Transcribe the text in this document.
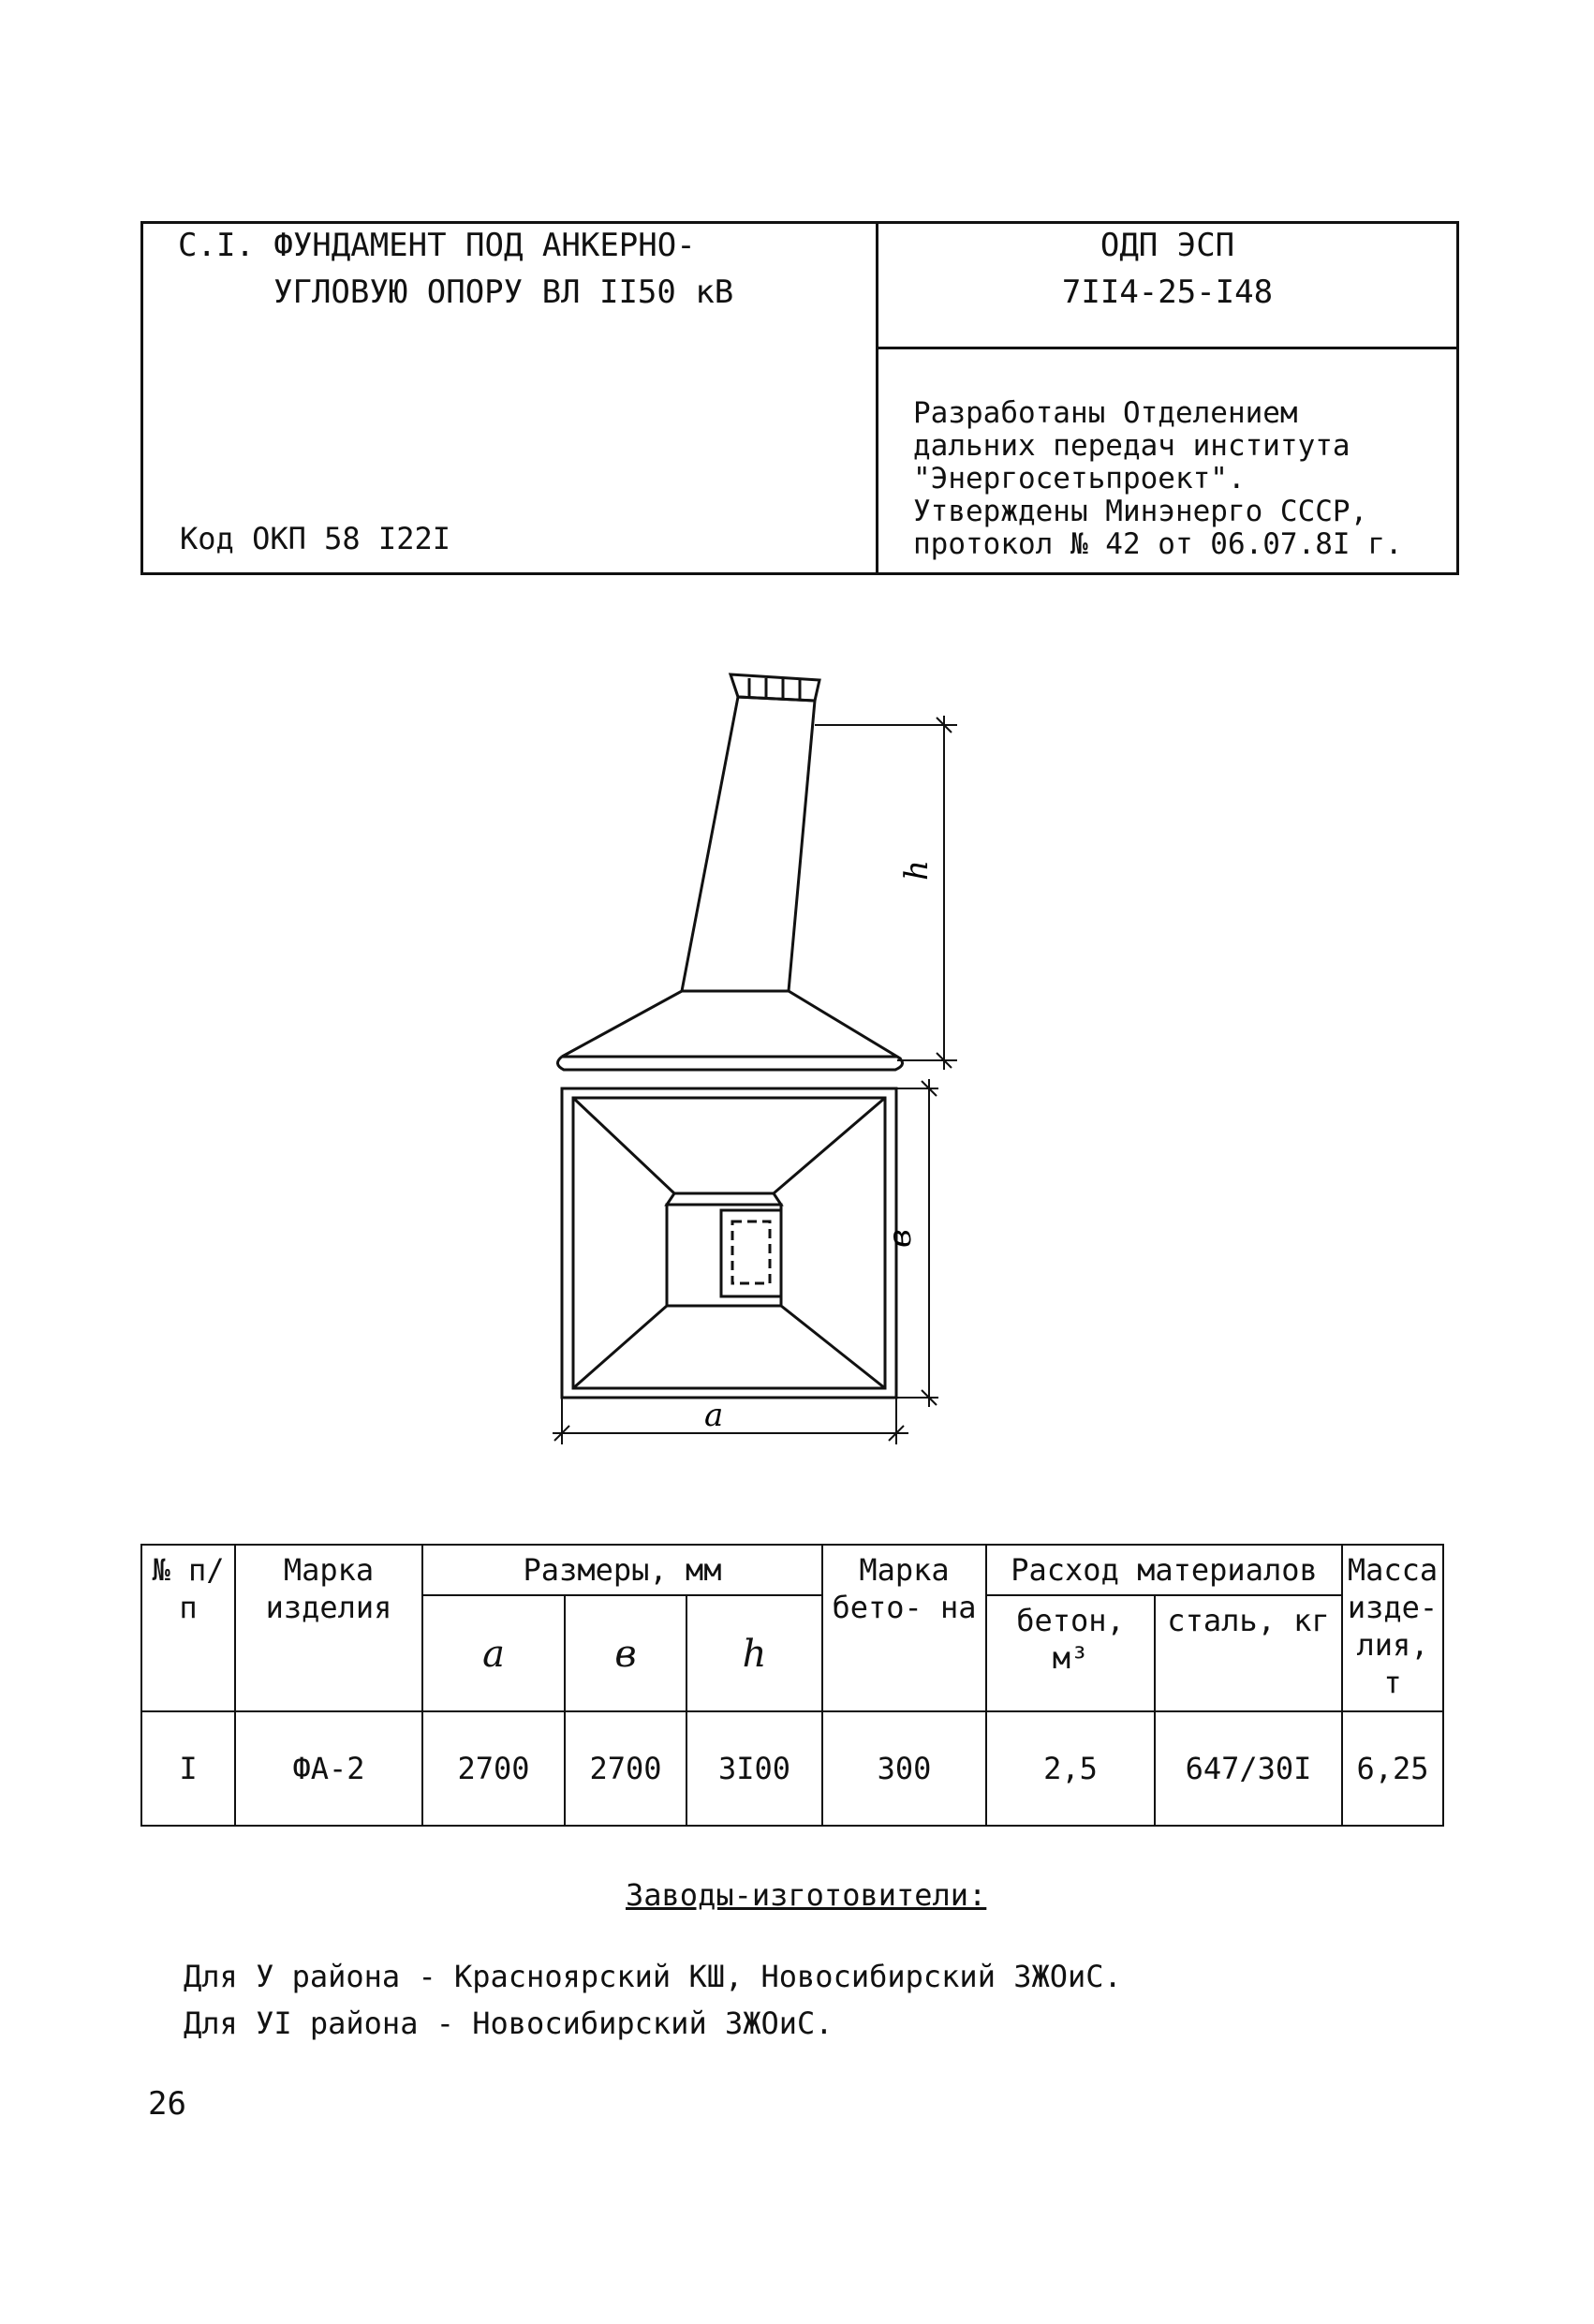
С.I. ФУНДАМЕНТ ПОД АНКЕРНО-
УГЛОВУЮ ОПОРУ ВЛ II50 кВ
Код ОКП 58 I22I
ОДП ЭСП
7II4-25-I48
Разработаны Отделением
дальних передач института
"Энергосетьпроект".
Утверждены Минэнерго СССР,
протокол № 42 от 06.07.8I г.
h
в
a
№ п/п	Марка изделия	Размеры, мм			Марка бето- на	Расход материалов		Масса изде- лия, т
		a	в	h		бетон, м³	сталь, кг	
I	ФА-2	2700	2700	3I00	300	2,5	647/30I	6,25
Заводы-изготовители:
Для У района - Красноярский КШ, Новосибирский ЗЖОиС.
Для УI района - Новосибирский ЗЖОиС.
26
